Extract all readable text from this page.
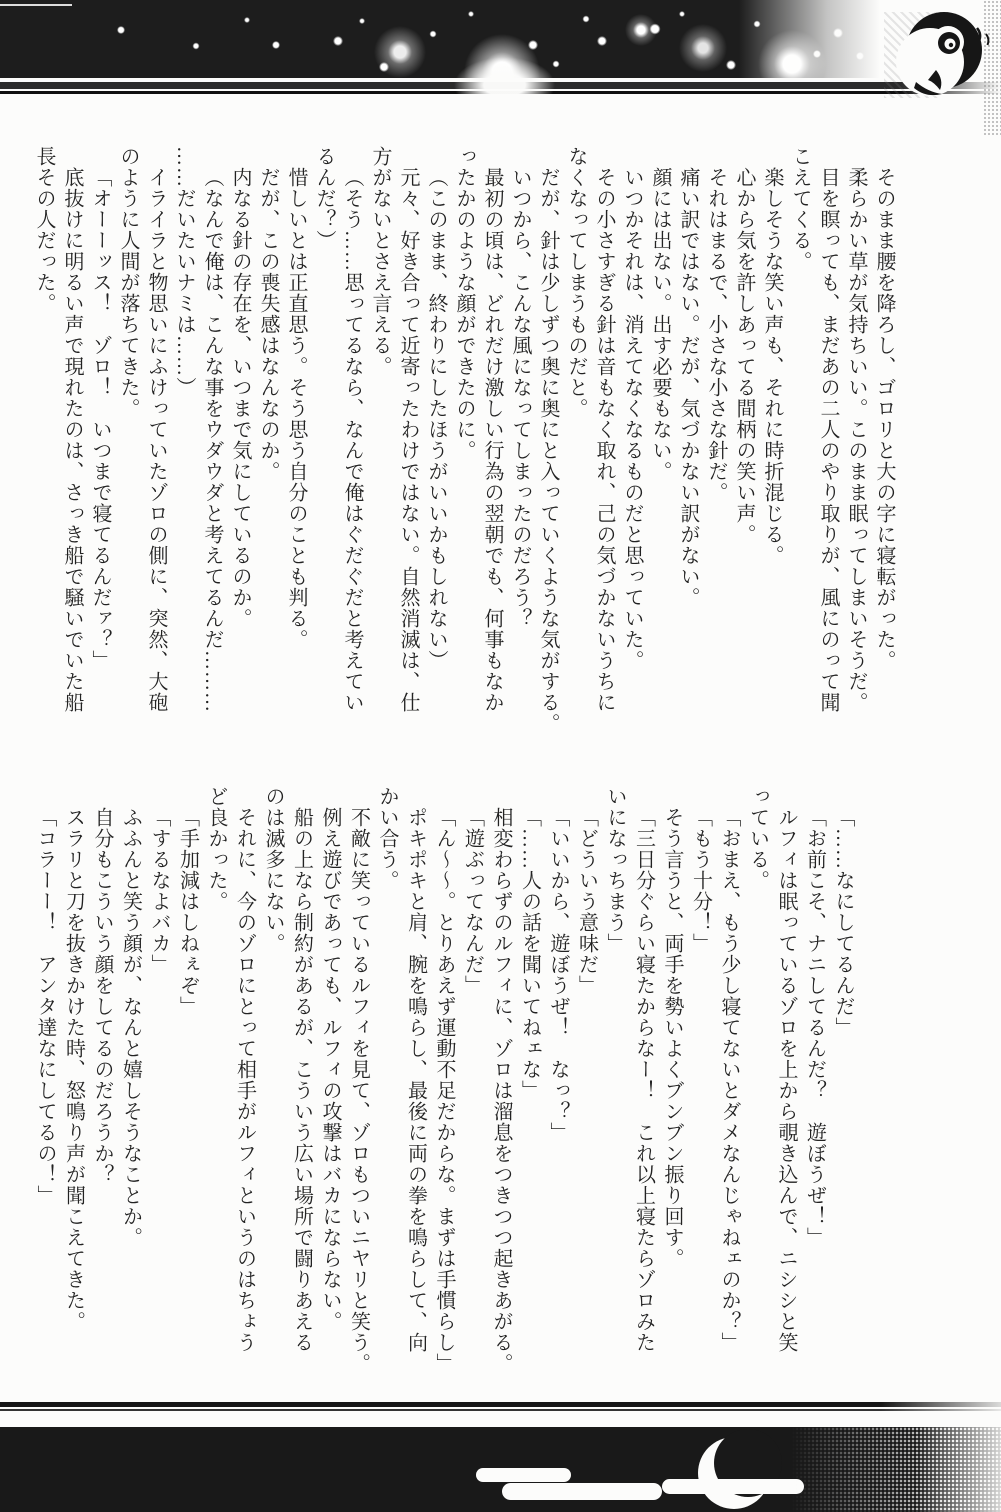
そのまま腰を降ろし、ゴロリと大の字に寝転がった。
柔らかい草が気持ちいい。このまま眠ってしまいそうだ。
目を瞑っても、まだあの二人のやり取りが、風にのって聞
こえてくる。
楽しそうな笑い声も、それに時折混じる。
心から気を許しあってる間柄の笑い声。
それはまるで、小さな小さな針だ。
痛い訳ではない。だが、気づかない訳がない。
顔には出ない。出す必要もない。
いつかそれは、消えてなくなるものだと思っていた。
その小さすぎる針は音もなく取れ、己の気づかないうちに
なくなってしまうものだと。
だが、針は少しずつ奥に奥にと入っていくような気がする。
いつから、こんな風になってしまったのだろう？
最初の頃は、どれだけ激しい行為の翌朝でも、何事もなか
ったかのような顔ができたのに。
（このまま、終わりにしたほうがいいかもしれない）
元々、好き合って近寄ったわけではない。自然消滅は、仕
方がないとさえ言える。
（そう……思ってるなら、なんで俺はぐだぐだと考えてい
るんだ？）
惜しいとは正直思う。そう思う自分のことも判る。
だが、この喪失感はなんなのか。
内なる針の存在を、いつまで気にしているのか。
（なんで俺は、こんな事をウダウダと考えてるんだ………
……だいたいナミは……）
イライラと物思いにふけっていたゾロの側に、突然、大砲
のように人間が落ちてきた。
「オーーッス！　ゾロ！　いつまで寝てるんだァ？」
底抜けに明るい声で現れたのは、さっき船で騒いでいた船
長その人だった。
「……なにしてるんだ」
「お前こそ、ナニしてるんだ？　遊ぼうぜ！」
ルフィは眠っているゾロを上から覗き込んで、ニシシと笑
っている。
「おまえ、もう少し寝てないとダメなんじゃねェのか？」
「もう十分！」
そう言うと、両手を勢いよくブンブン振り回す。
「三日分ぐらい寝たからなー！　これ以上寝たらゾロみた
いになっちまう」
「どういう意味だ」
「いいから、遊ぼうぜ！　なっ？」
「……人の話を聞いてねェな」
相変わらずのルフィに、ゾロは溜息をつきつつ起きあがる。
「遊ぶってなんだ」
「ん〜〜。とりあえず運動不足だからな。まずは手慣らし」
ポキポキと肩、腕を鳴らし、最後に両の拳を鳴らして、向
かい合う。
不敵に笑っているルフィを見て、ゾロもついニヤリと笑う。
例え遊びであっても、ルフィの攻撃はバカにならない。
船の上なら制約があるが、こういう広い場所で闘りあえる
のは滅多にない。
それに、今のゾロにとって相手がルフィというのはちょう
ど良かった。
「手加減はしねぇぞ」
「するなよバカ」
ふふんと笑う顔が、なんと嬉しそうなことか。
自分もこういう顔をしてるのだろうか？
スラリと刀を抜きかけた時、怒鳴り声が聞こえてきた。
「コラーー！　アンタ達なにしてるの！」
